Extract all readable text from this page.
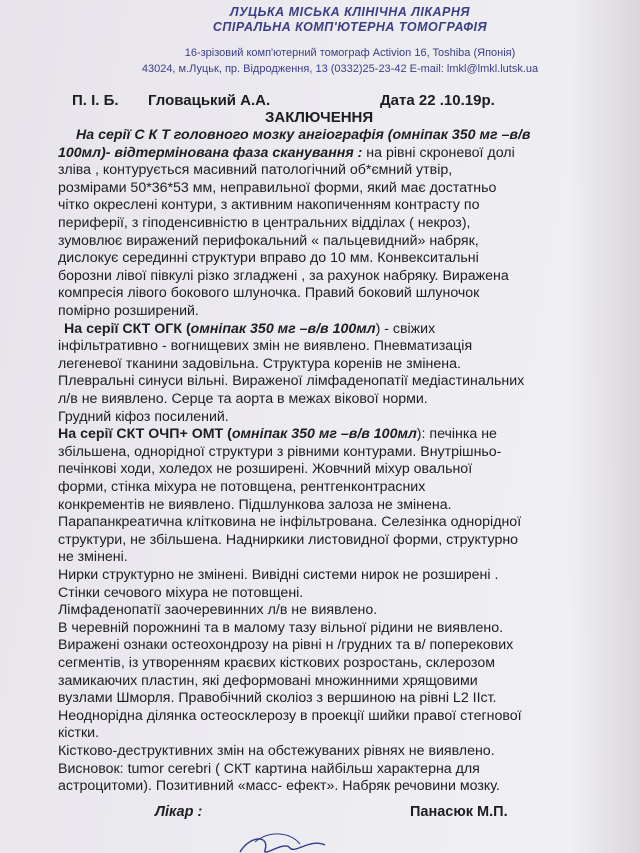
ЛУЦЬКА МІСЬКА КЛІНІЧНА ЛІКАРНЯ
СПІРАЛЬНА КОМП'ЮТЕРНА ТОМОГРАФІЯ
16-зрізовий комп'ютерний томограф Activion 16, Toshiba (Японія)
43024, м.Луцьк, пр. Відродження, 13 (0332)25-23-42 E-mail: lmkl@lmkl.lutsk.ua
П. І. Б. Гловацький А.А.	Дата 22 .10.19р.
ЗАКЛЮЧЕННЯ
На серії С К Т головного мозку ангіографія (омніпак 350 мг –в/в
100мл)- відтермінована фаза сканування : на рівні скроневої долі
зліва , контурується масивний патологічний об*ємний утвір,
розмірами 50*36*53 мм, неправильної форми, який має достатньо
чітко окреслені контури, з активним накопиченням контрасту по
периферії, з гіподенсивністю в центральних відділах ( некроз),
зумовлює виражений перифокальний « пальцевидний» набряк,
дислокує серединні структури вправо до 10 мм. Конвекситальні
борозни лівої півкулі різко згладжені , за рахунок набряку. Виражена
компресія лівого бокового шлуночка. Правий боковий шлуночок
помірно розширений.
На серії СКТ ОГК (омніпак 350 мг –в/в 100мл) - свіжих
інфільтративно - вогнищевих змін не виявлено. Пневматизація
легеневої тканини задовільна. Структура коренів не змінена.
Плевральні синуси вільні. Вираженої лімфаденопатії медіастинальних
л/в не виявлено. Серце та аорта в межах вікової норми.
Грудний кіфоз посилений.
На серії СКТ ОЧП+ ОМТ (омніпак 350 мг –в/в 100мл): печінка не
збільшена, однорідної структури з рівними контурами. Внутрішньо-
печінкові ходи, холедох не розширені. Жовчний міхур овальної
форми, стінка міхура не потовщена, рентгенконтрасних
конкрементів не виявлено. Підшлункова залоза не змінена.
Парапанкреатична клітковина не інфільтрована. Селезінка однорідної
структури, не збільшена. Надниркики листовидної форми, структурно
не змінені.
Нирки структурно не змінені. Вивідні системи нирок не розширені .
Стінки сечового міхура не потовщені.
Лімфаденопатії заочеревинних л/в не виявлено.
В черевній порожнині та в малому тазу вільної рідини не виявлено.
Виражені ознаки остеохондрозу на рівні н /грудних та в/ поперекових
сегментів, із утворенням краєвих кісткових розростань, склерозом
замикаючих пластин, які деформовані множинними хрящовими
вузлами Шморля. Правобічний сколіоз з вершиною на рівні L2 IIст.
Неоднорідна ділянка остеосклерозу в проекції шийки правої стегнової
кістки.
Кістково-деструктивних змін на обстежуваних рівнях не виявлено.
Висновок: tumor cerebri ( СКТ картина найбільш характерна для
астроцитоми). Позитивний «масс- ефект». Набряк речовини мозку.
Лікар :	Панасюк М.П.
